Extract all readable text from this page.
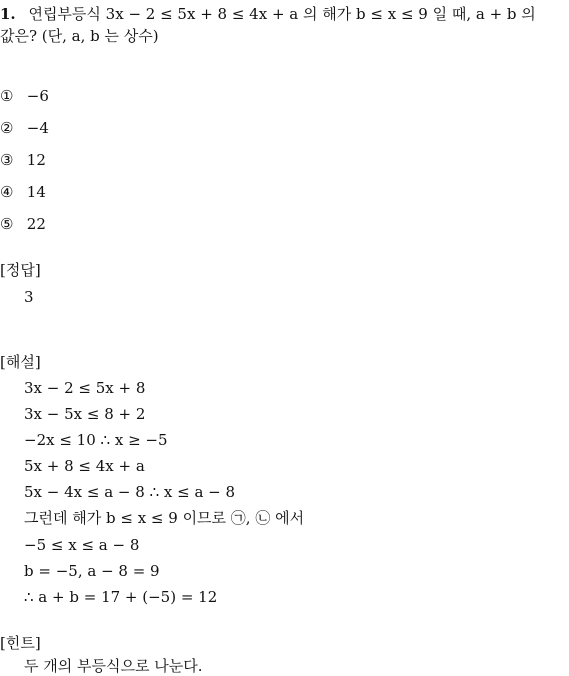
1. 연립부등식 3x − 2 ≤ 5x + 8 ≤ 4x + a 의 해가 b ≤ x ≤ 9 일 때, a + b 의
값은? (단, a, b 는 상수)
① −6
② −4
③ 12
④ 14
⑤ 22
[정답]
3
[해설]
3x − 2 ≤ 5x + 8
3x − 5x ≤ 8 + 2
−2x ≤ 10 ∴ x ≥ −5
5x + 8 ≤ 4x + a
5x − 4x ≤ a − 8 ∴ x ≤ a − 8
그런데 해가 b ≤ x ≤ 9 이므로 ㉠, ㉡ 에서
−5 ≤ x ≤ a − 8
b = −5, a − 8 = 9
∴ a + b = 17 + (−5) = 12
[힌트]
두 개의 부등식으로 나눈다.
